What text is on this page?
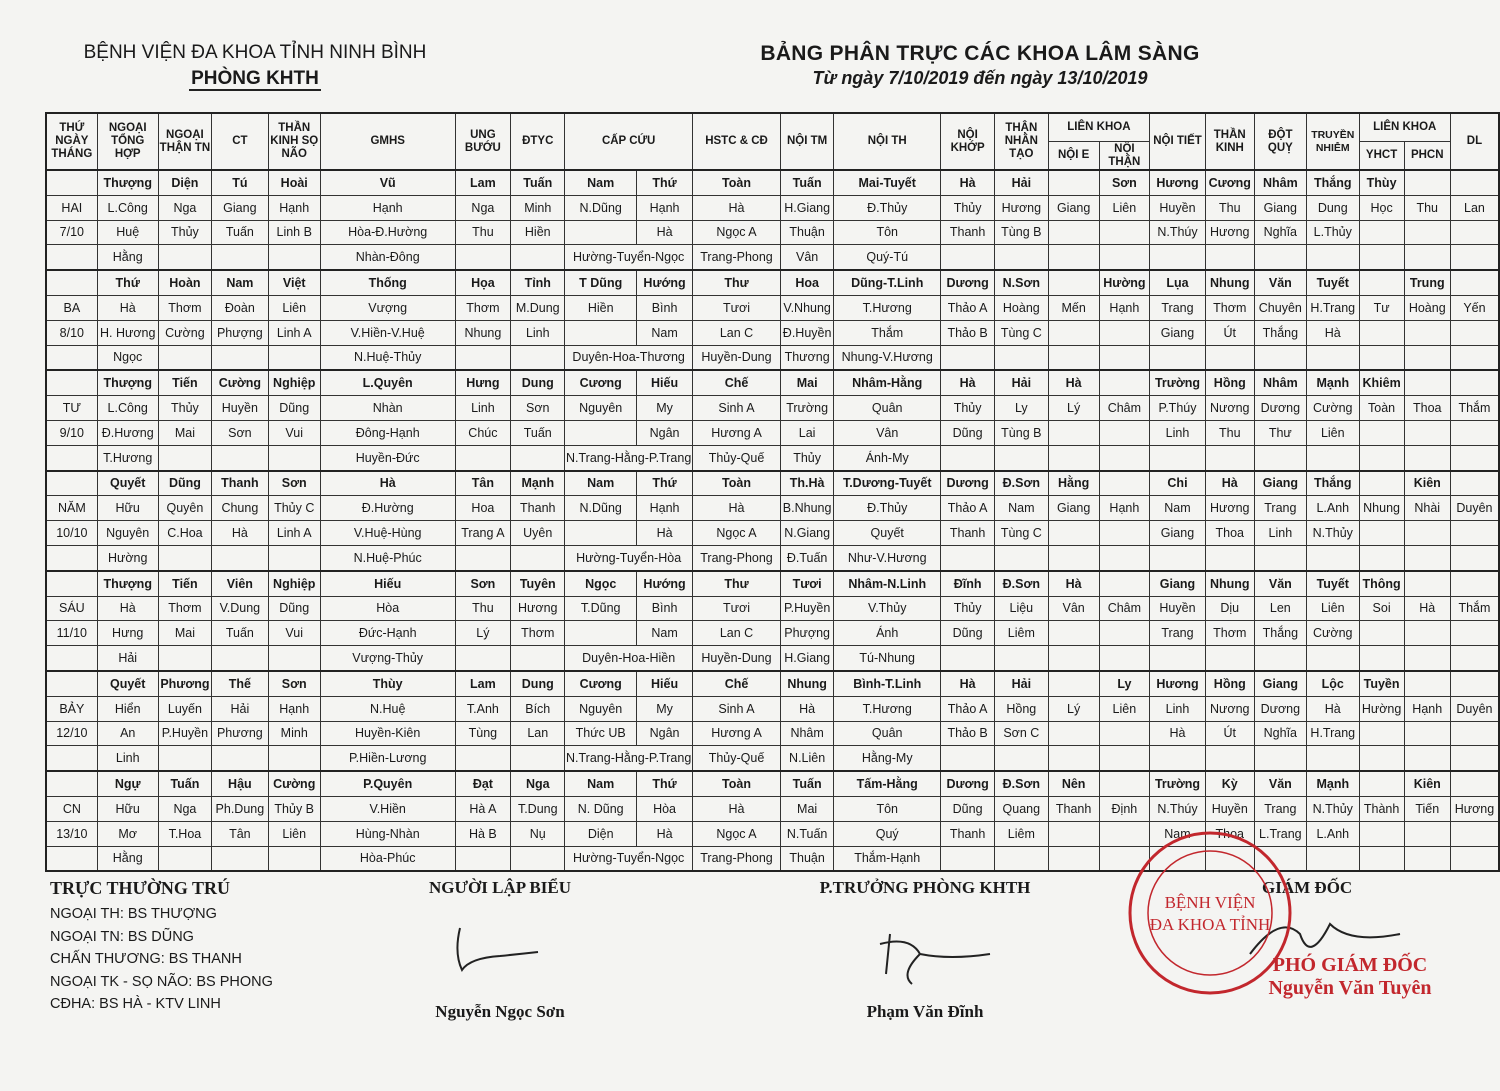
BỆNH VIỆN ĐA KHOA TỈNH NINH BÌNH
PHÒNG KHTH
BẢNG PHÂN TRỰC CÁC KHOA LÂM SÀNG
Từ ngày 7/10/2019 đến ngày 13/10/2019
THỨ NGÀY THÁNG	NGOẠI TỔNG HỢP	NGOẠI THẬN TN	CT	THẦN KINH SỌ NÃO	GMHS	UNG BƯỚU	ĐTYC	CẤP CỨU		HSTC & CĐ	NỘI TM	NỘI TH	NỘI KHỚP	THẬN NHÂN TẠO	LIÊN KHOA		NỘI TIẾT	THẦN KINH	ĐỘT QUỴ	TRUYỀN NHIỄM	LIÊN KHOA		DL
															NỘI E	NỘI THẬN					YHCT	PHCN	
	Thượng	Diện	Tú	Hoài	Vũ	Lam	Tuấn	Nam	Thứ	Toàn	Tuấn	Mai-Tuyết	Hà	Hải		Sơn	Hương	Cương	Nhâm	Thắng	Thùy		
HAI	L.Công	Nga	Giang	Hạnh	Hạnh	Nga	Minh	N.Dũng	Hạnh	Hà	H.Giang	Đ.Thủy	Thủy	Hương	Giang	Liên	Huyền	Thu	Giang	Dung	Học	Thu	Lan
7/10	Huệ	Thủy	Tuấn	Linh B	Hòa-Đ.Hường	Thu	Hiền		Hà	Ngọc A	Thuận	Tôn	Thanh	Tùng B			N.Thúy	Hương	Nghĩa	L.Thủy			
	Hằng				Nhàn-Đông			Hường-Tuyển-Ngọc		Trang-Phong	Vân	Quý-Tú											
	Thứ	Hoàn	Nam	Việt	Thống	Họa	Tỉnh	T Dũng	Hướng	Thư	Hoa	Dũng-T.Linh	Dương	N.Sơn		Hường	Lụa	Nhung	Văn	Tuyết		Trung	
BA	Hà	Thơm	Đoàn	Liên	Vượng	Thơm	M.Dung	Hiền	Bình	Tươi	V.Nhung	T.Hương	Thảo A	Hoàng	Mến	Hạnh	Trang	Thơm	Chuyên	H.Trang	Tư	Hoàng	Yến
8/10	H. Hương	Cường	Phượng	Linh A	V.Hiền-V.Huệ	Nhung	Linh		Nam	Lan C	Đ.Huyền	Thắm	Thảo B	Tùng C			Giang	Út	Thắng	Hà			
	Ngọc				N.Huệ-Thủy			Duyên-Hoa-Thương		Huyền-Dung	Thương	Nhung-V.Hương											
	Thượng	Tiến	Cường	Nghiệp	L.Quyên	Hưng	Dung	Cương	Hiếu	Chế	Mai	Nhâm-Hằng	Hà	Hải	Hà		Trường	Hồng	Nhâm	Mạnh	Khiêm		
TƯ	L.Công	Thủy	Huyền	Dũng	Nhàn	Linh	Sơn	Nguyên	My	Sinh A	Trường	Quân	Thủy	Ly	Lý	Châm	P.Thúy	Nương	Dương	Cường	Toàn	Thoa	Thắm
9/10	Đ.Hương	Mai	Sơn	Vui	Đông-Hạnh	Chúc	Tuấn		Ngân	Hương A	Lai	Vân	Dũng	Tùng B			Linh	Thu	Thư	Liên			
	T.Hương				Huyền-Đức			N.Trang-Hằng-P.Trang		Thủy-Quế	Thủy	Ánh-My											
	Quyết	Dũng	Thanh	Sơn	Hà	Tân	Mạnh	Nam	Thứ	Toàn	Th.Hà	T.Dương-Tuyết	Dương	Đ.Sơn	Hằng		Chi	Hà	Giang	Thắng		Kiên	
NĂM	Hữu	Quyên	Chung	Thủy C	Đ.Hường	Hoa	Thanh	N.Dũng	Hạnh	Hà	B.Nhung	Đ.Thủy	Thảo A	Nam	Giang	Hạnh	Nam	Hương	Trang	L.Anh	Nhung	Nhài	Duyên
10/10	Nguyên	C.Hoa	Hà	Linh A	V.Huệ-Hùng	Trang A	Uyên		Hà	Ngọc A	N.Giang	Quyết	Thanh	Tùng C			Giang	Thoa	Linh	N.Thủy			
	Hường				N.Huệ-Phúc			Hường-Tuyển-Hòa		Trang-Phong	Đ.Tuấn	Như-V.Hương											
	Thượng	Tiến	Viên	Nghiệp	Hiếu	Sơn	Tuyên	Ngọc	Hướng	Thư	Tươi	Nhâm-N.Linh	Đĩnh	Đ.Sơn	Hà		Giang	Nhung	Văn	Tuyết	Thông		
SÁU	Hà	Thơm	V.Dung	Dũng	Hòa	Thu	Hương	T.Dũng	Bình	Tươi	P.Huyền	V.Thủy	Thủy	Liệu	Vân	Châm	Huyền	Dịu	Len	Liên	Soi	Hà	Thắm
11/10	Hưng	Mai	Tuấn	Vui	Đức-Hạnh	Lý	Thơm		Nam	Lan C	Phượng	Ánh	Dũng	Liêm			Trang	Thơm	Thắng	Cường			
	Hải				Vượng-Thủy			Duyên-Hoa-Hiền		Huyền-Dung	H.Giang	Tú-Nhung											
	Quyết	Phương	Thế	Sơn	Thùy	Lam	Dung	Cương	Hiếu	Chế	Nhung	Bình-T.Linh	Hà	Hải		Ly	Hương	Hồng	Giang	Lộc	Tuyền		
BẢY	Hiển	Luyến	Hải	Hạnh	N.Huệ	T.Anh	Bích	Nguyên	My	Sinh A	Hà	T.Hương	Thảo A	Hồng	Lý	Liên	Linh	Nương	Dương	Hà	Hường	Hạnh	Duyên
12/10	An	P.Huyền	Phương	Minh	Huyền-Kiên	Tùng	Lan	Thức UB	Ngân	Hương A	Nhâm	Quân	Thảo B	Sơn C			Hà	Út	Nghĩa	H.Trang			
	Linh				P.Hiền-Lương			N.Trang-Hằng-P.Trang		Thủy-Quế	N.Liên	Hằng-My											
	Ngự	Tuấn	Hậu	Cường	P.Quyên	Đạt	Nga	Nam	Thứ	Toàn	Tuấn	Tấm-Hằng	Dương	Đ.Sơn	Nên		Trường	Kỳ	Văn	Mạnh		Kiên	
CN	Hữu	Nga	Ph.Dung	Thủy B	V.Hiền	Hà A	T.Dung	N. Dũng	Hòa	Hà	Mai	Tôn	Dũng	Quang	Thanh	Định	N.Thúy	Huyền	Trang	N.Thủy	Thành	Tiến	Hương
13/10	Mơ	T.Hoa	Tân	Liên	Hùng-Nhàn	Hà B	Nụ	Diện	Hà	Ngọc A	N.Tuấn	Quý	Thanh	Liêm			Nam	Thoa	L.Trang	L.Anh			
	Hằng				Hòa-Phúc			Hường-Tuyển-Ngọc		Trang-Phong	Thuận	Thắm-Hạnh											
TRỰC THƯỜNG TRÚ
NGOẠI TH: BS THƯỢNG
NGOẠI TN: BS DŨNG
CHẤN THƯƠNG: BS THANH
NGOẠI TK - SỌ NÃO: BS PHONG
CĐHA: BS HÀ - KTV LINH
NGƯỜI LẬP BIỂU
Nguyễn Ngọc Sơn
P.TRƯỞNG PHÒNG KHTH
Phạm Văn Đĩnh
GIÁM ĐỐC
PHÓ GIÁM ĐỐC
Nguyễn Văn Tuyên
BỆNH VIỆN
ĐA KHOA TỈNH
